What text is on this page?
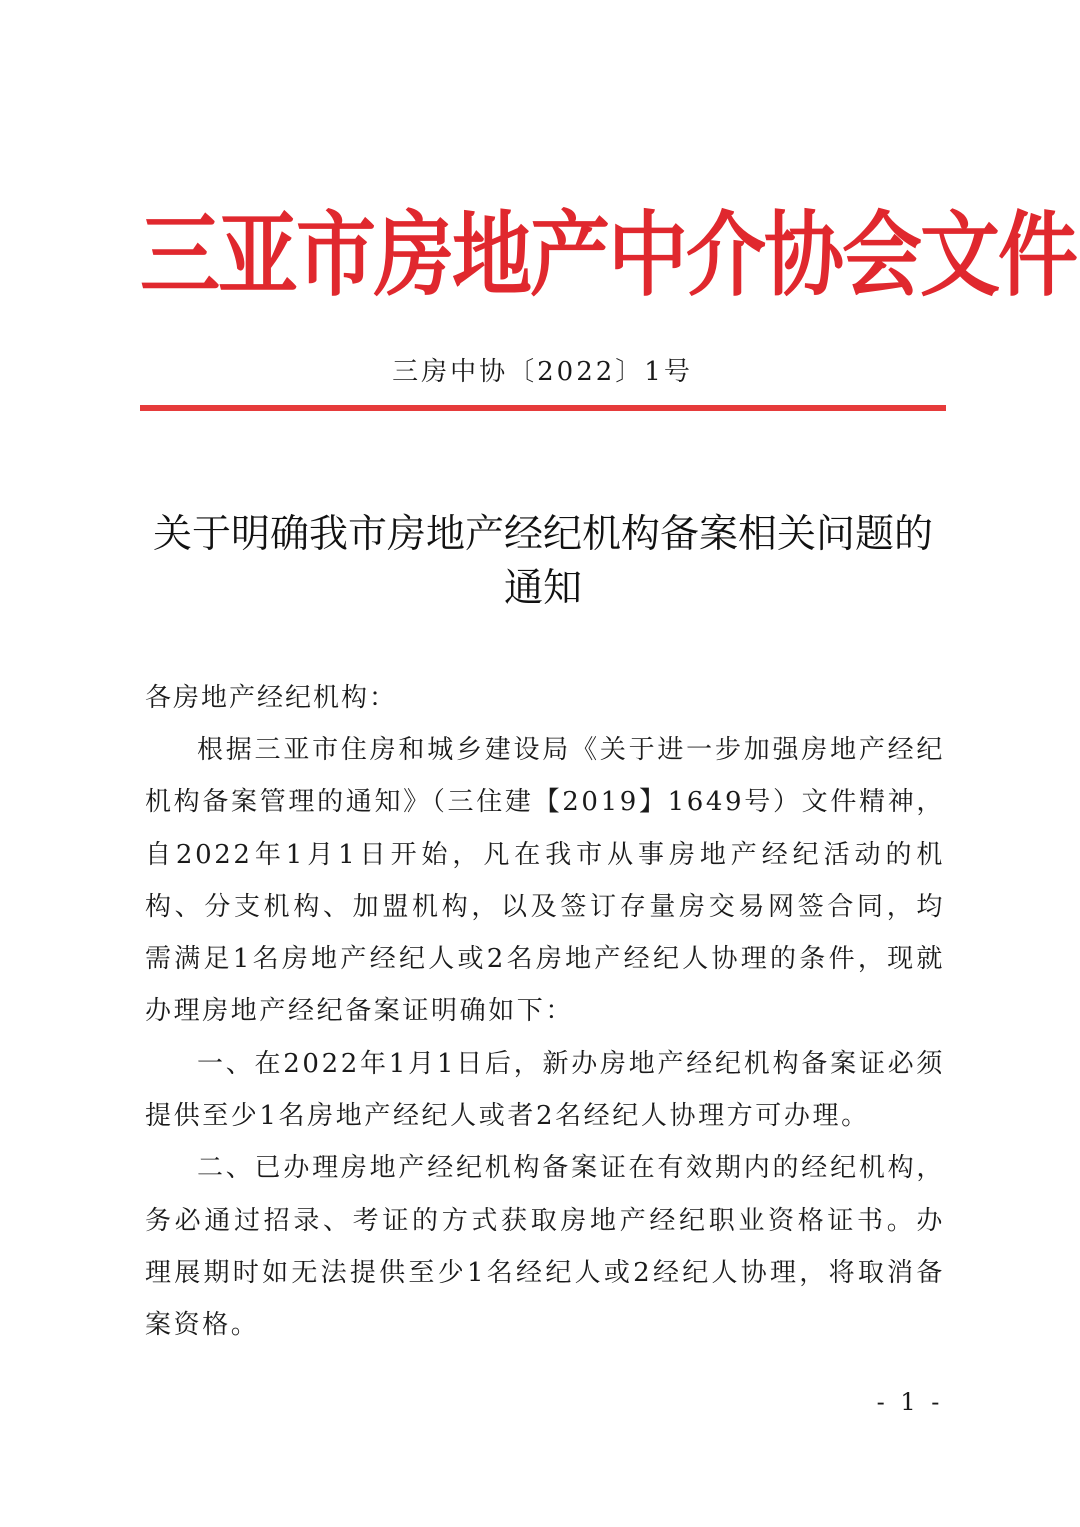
三亚市房地产中介协会文件
三房中协〔2022〕1号
关于明确我市房地产经纪机构备案相关问题的
通知
各房地产经纪机构：

根据三亚市住房和城乡建设局《关于进一步加强房地产经纪机构备案管理的通知》（三住建【2019】1649号）文件精神，自2022年1月1日开始，凡在我市从事房地产经纪活动的机构、分支机构、加盟机构，以及签订存量房交易网签合同，均需满足1名房地产经纪人或2名房地产经纪人协理的条件，现就办理房地产经纪备案证明确如下：

一、在2022年1月1日后，新办房地产经纪机构备案证必须提供至少1名房地产经纪人或者2名经纪人协理方可办理。

二、已办理房地产经纪机构备案证在有效期内的经纪机构，务必通过招录、考证的方式获取房地产经纪职业资格证书。办理展期时如无法提供至少1名经纪人或2经纪人协理，将取消备案资格。

- 1 -
